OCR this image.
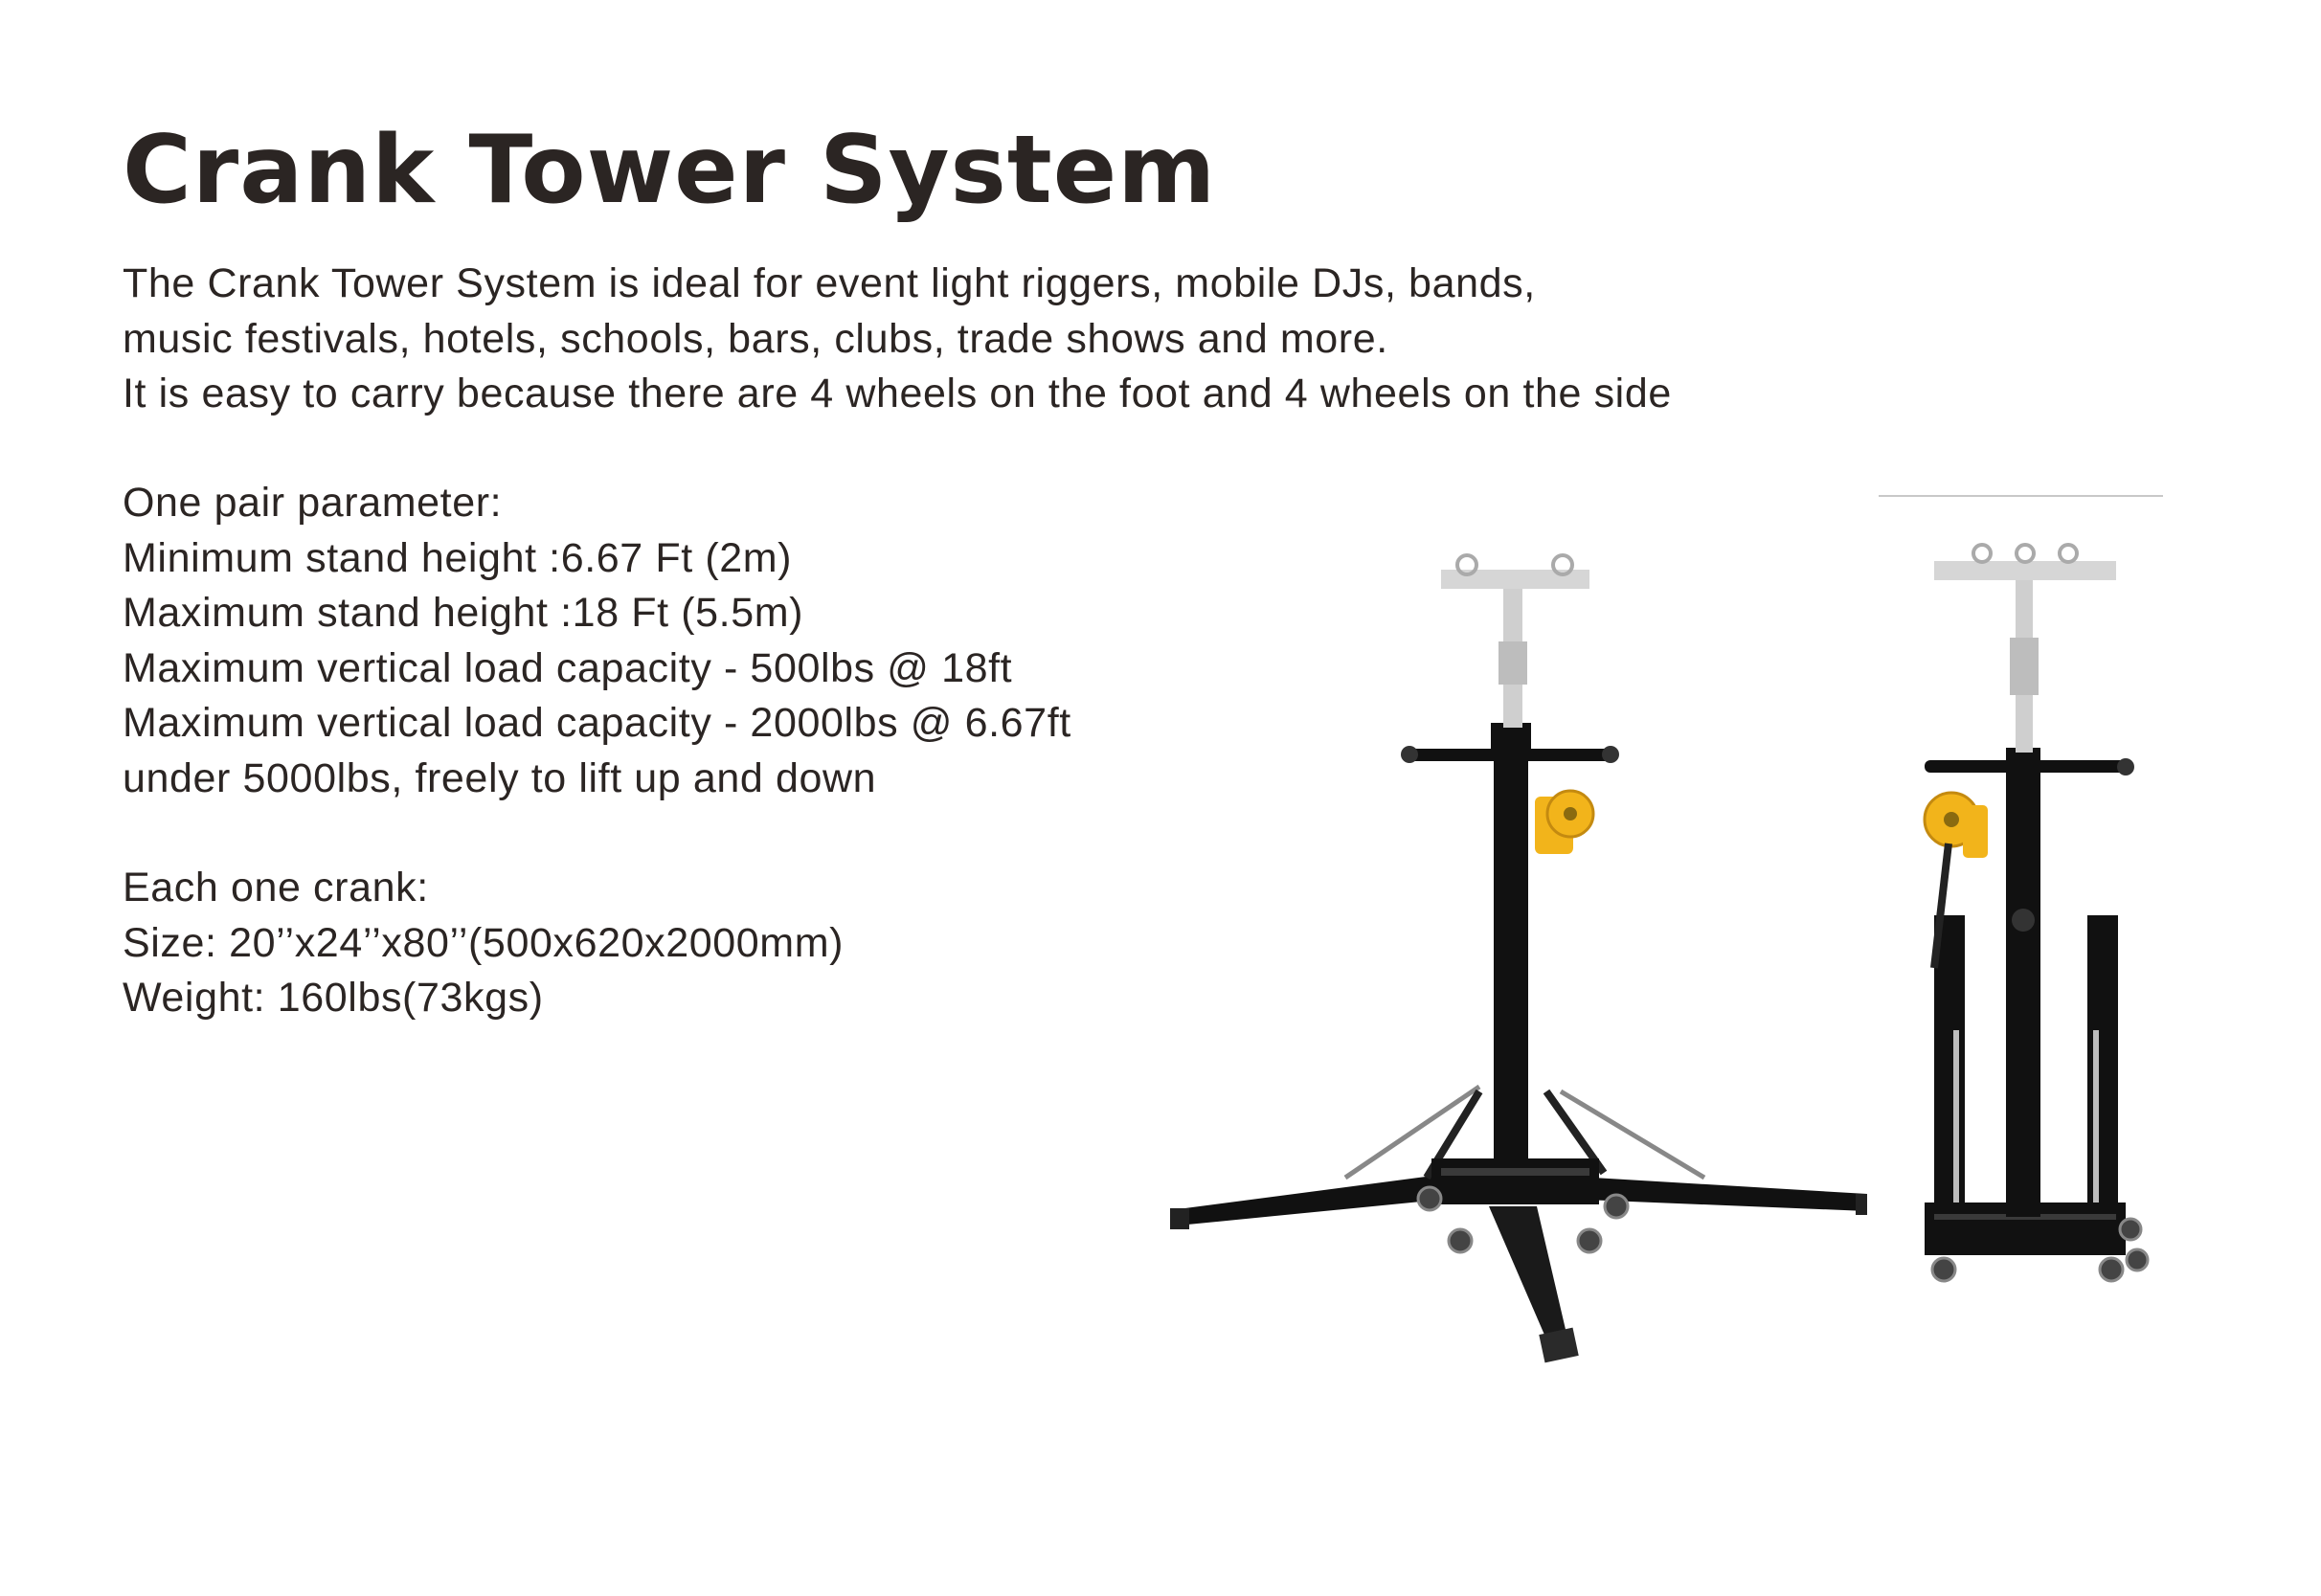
Crank Tower System
The Crank Tower System is ideal for event light riggers, mobile DJs, bands,
music festivals, hotels, schools, bars, clubs, trade shows and more.
It is easy to carry because there are 4 wheels on the foot and 4 wheels on the side
One pair parameter:
Minimum stand height :6.67 Ft (2m)
Maximum stand height :18 Ft (5.5m)
Maximum vertical load capacity - 500lbs @ 18ft
Maximum vertical load capacity - 2000lbs @ 6.67ft
under 5000lbs, freely to lift up and down
Each one crank:
Size: 20’’x24’’x80’’(500x620x2000mm)
Weight: 160lbs(73kgs)
